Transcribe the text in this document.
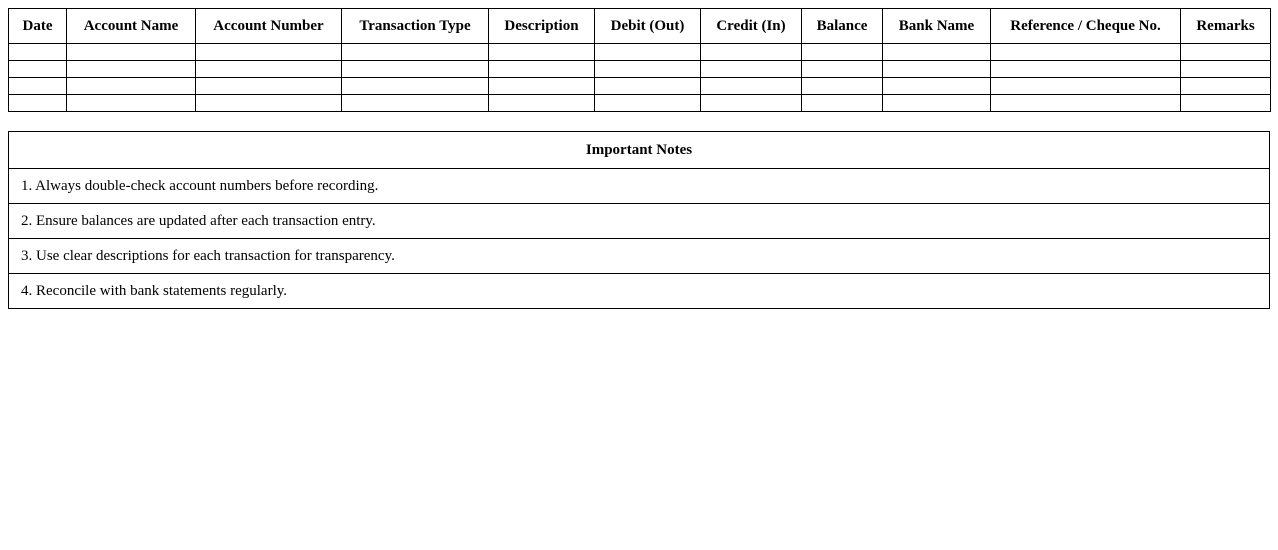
Date	Account Name	Account Number	Transaction Type	Description	Debit (Out)	Credit (In)	Balance	Bank Name	Reference / Cheque No.	Remarks

Important Notes
1. Always double-check account numbers before recording.
2. Ensure balances are updated after each transaction entry.
3. Use clear descriptions for each transaction for transparency.
4. Reconcile with bank statements regularly.
